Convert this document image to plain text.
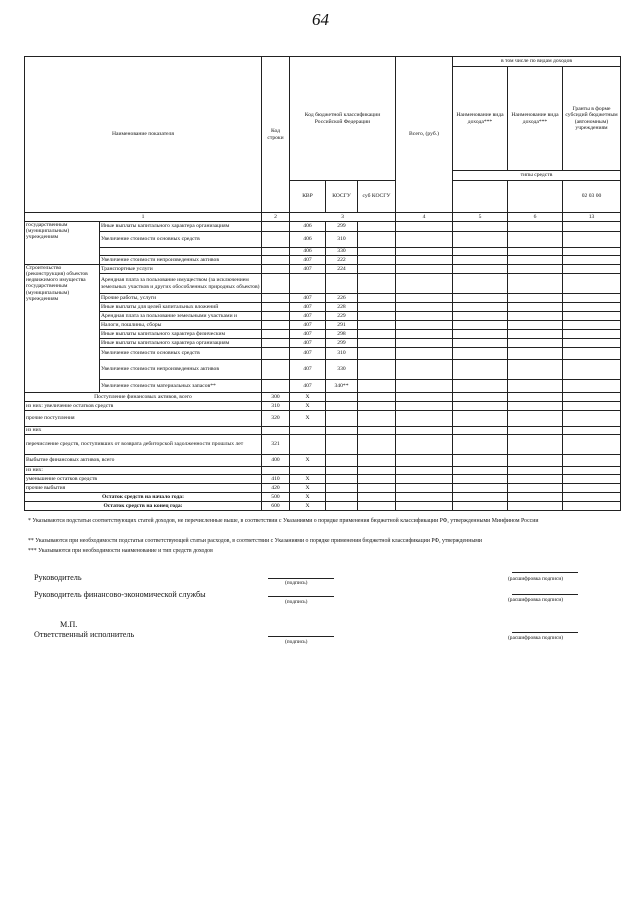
64
Наименование показателя		Код строки	Код бюджетной классификации Российской Федерации			Всего, (руб.)	в том числе по видам доходов		
							Наименование вида дохода***	Наименование вида дохода***	Гранты в форме субсидий бюджетным (автономным) учреждениям
							типы средств		
			КВР	КОСГУ	суб КОСГУ				02 03 00
1		2	3			4	5	6	13
государственным (муниципальным) учреждениям	Иные выплаты капитального характера организациям		406	299					
	Увеличение стоимости основных средств		406	310					
			406	330					
	Увеличение стоимости непроизведенных активов		407	222					
Строительство (реконструкция) объектов недвижимого имущества государственным (муниципальным) учреждениям	Транспортные услуги		407	224					
	Арендная плата за пользование имуществом (за исключением земельных участков и других обособленных природных объектов)								
	Прочие работы, услуги		407	226					
	Иные выплаты для целей капитальных вложений		407	228					
	Арендная плата за пользование земельными участками и		407	229					
	Налоги, пошлины, сборы		407	291					
	Иные выплаты капитального характера физическим		407	298					
	Иные выплаты капитального характера организациям		407	299					
	Увеличение стоимости основных средств		407	310					
	Увеличение стоимости непроизведенных активов		407	330					
	Увеличение стоимости материальных запасов**		407	340**					
Поступление финансовых активов, всего		300	X						
из них: увеличение остатков средств		310	X						
прочие поступления		320	X						
из них									
перечисление средств, поступивших от возврата дебиторской задолженности прошлых лет		321							
Выбытие финансовых активов, всего		400	X						
из них:									
уменьшение остатков средств		410	X						
прочие выбытия		420	X						
Остаток средств на начало года:		500	X						
Остаток средств на конец года:		600	X						
* Указываются подстатьи соответствующих статей доходов, не перечисленные выше, в соответствии с Указаниями о порядке применения бюджетной классификации РФ, утвержденными Минфином России
** Указываются при необходимости подстатьи соответствующей статьи расходов, в соответствии с Указаниями о порядке применения бюджетной классификации РФ, утвержденными
*** Указываются при необходимости наименование и тип средств доходов
Руководитель
(подпись)
(расшифровка подписи)
Руководитель финансово-экономической службы
(подпись)	(расшифровка подписи)
М.П.
Ответственный исполнитель
(подпись)
(расшифровка подписи)
